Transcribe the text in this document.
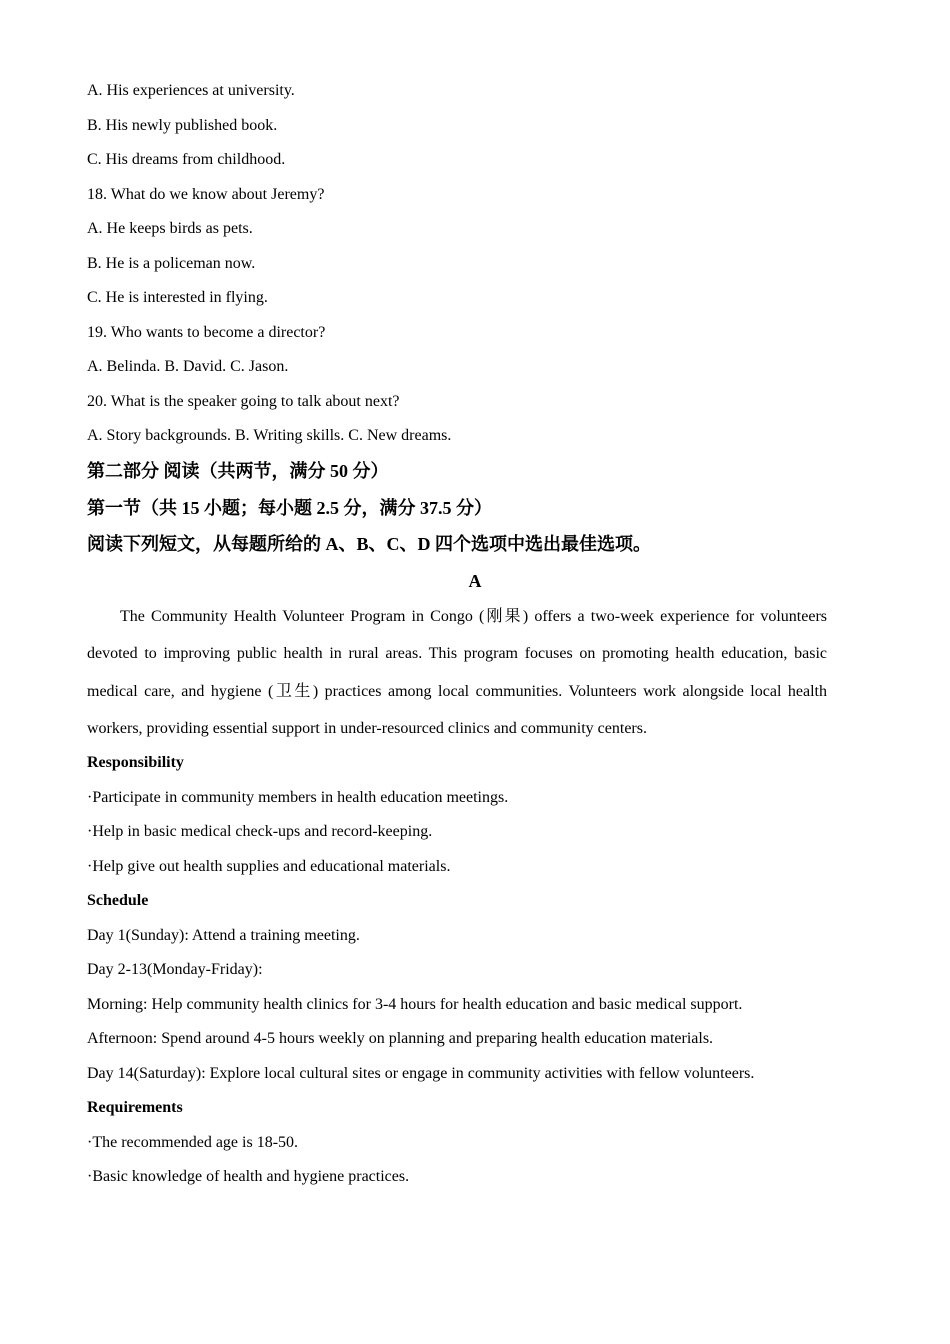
A. His experiences at university.
B. His newly published book.
C. His dreams from childhood.
18. What do we know about Jeremy?
A. He keeps birds as pets.
B. He is a policeman now.
C. He is interested in flying.
19. Who wants to become a director?
A. Belinda. B. David. C. Jason.
20. What is the speaker going to talk about next?
A. Story backgrounds. B. Writing skills. C. New dreams.
第二部分 阅读（共两节，满分 50 分）
第一节（共 15 小题；每小题 2.5 分，满分 37.5 分）
阅读下列短文，从每题所给的 A、B、C、D 四个选项中选出最佳选项。
A
The Community Health Volunteer Program in Congo (刚果) offers a two-week experience for volunteers devoted to improving public health in rural areas. This program focuses on promoting health education, basic medical care, and hygiene (卫生) practices among local communities. Volunteers work alongside local health workers, providing essential support in under-resourced clinics and community centers.
Responsibility
·Participate in community members in health education meetings.
·Help in basic medical check-ups and record-keeping.
·Help give out health supplies and educational materials.
Schedule
Day 1(Sunday): Attend a training meeting.
Day 2-13(Monday-Friday):
Morning: Help community health clinics for 3-4 hours for health education and basic medical support.
Afternoon: Spend around 4-5 hours weekly on planning and preparing health education materials.
Day 14(Saturday): Explore local cultural sites or engage in community activities with fellow volunteers.
Requirements
·The recommended age is 18-50.
·Basic knowledge of health and hygiene practices.
